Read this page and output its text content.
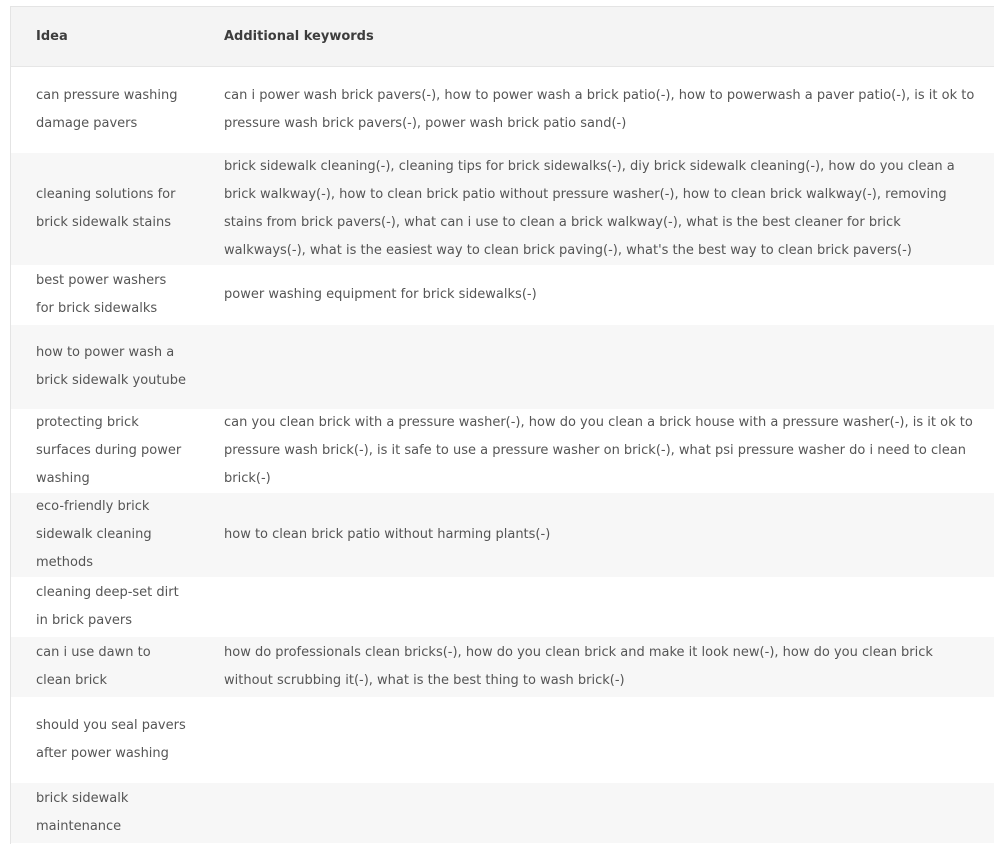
Idea	Additional keywords
can pressure washing damage pavers	can i power wash brick pavers(-), how to power wash a brick patio(-), how to powerwash a paver patio(-), is it ok to pressure wash brick pavers(-), power wash brick patio sand(-)
cleaning solutions for brick sidewalk stains	brick sidewalk cleaning(-), cleaning tips for brick sidewalks(-), diy brick sidewalk cleaning(-), how do you clean a brick walkway(-), how to clean brick patio without pressure washer(-), how to clean brick walkway(-), removing stains from brick pavers(-), what can i use to clean a brick walkway(-), what is the best cleaner for brick walkways(-), what is the easiest way to clean brick paving(-), what's the best way to clean brick pavers(-)
best power washers for brick sidewalks	power washing equipment for brick sidewalks(-)
how to power wash a brick sidewalk youtube	
protecting brick surfaces during power washing	can you clean brick with a pressure washer(-), how do you clean a brick house with a pressure washer(-), is it ok to pressure wash brick(-), is it safe to use a pressure washer on brick(-), what psi pressure washer do i need to clean brick(-)
eco-friendly brick sidewalk cleaning methods	how to clean brick patio without harming plants(-)
cleaning deep-set dirt in brick pavers	
can i use dawn to clean brick	how do professionals clean bricks(-), how do you clean brick and make it look new(-), how do you clean brick without scrubbing it(-), what is the best thing to wash brick(-)
should you seal pavers after power washing	
brick sidewalk maintenance	
